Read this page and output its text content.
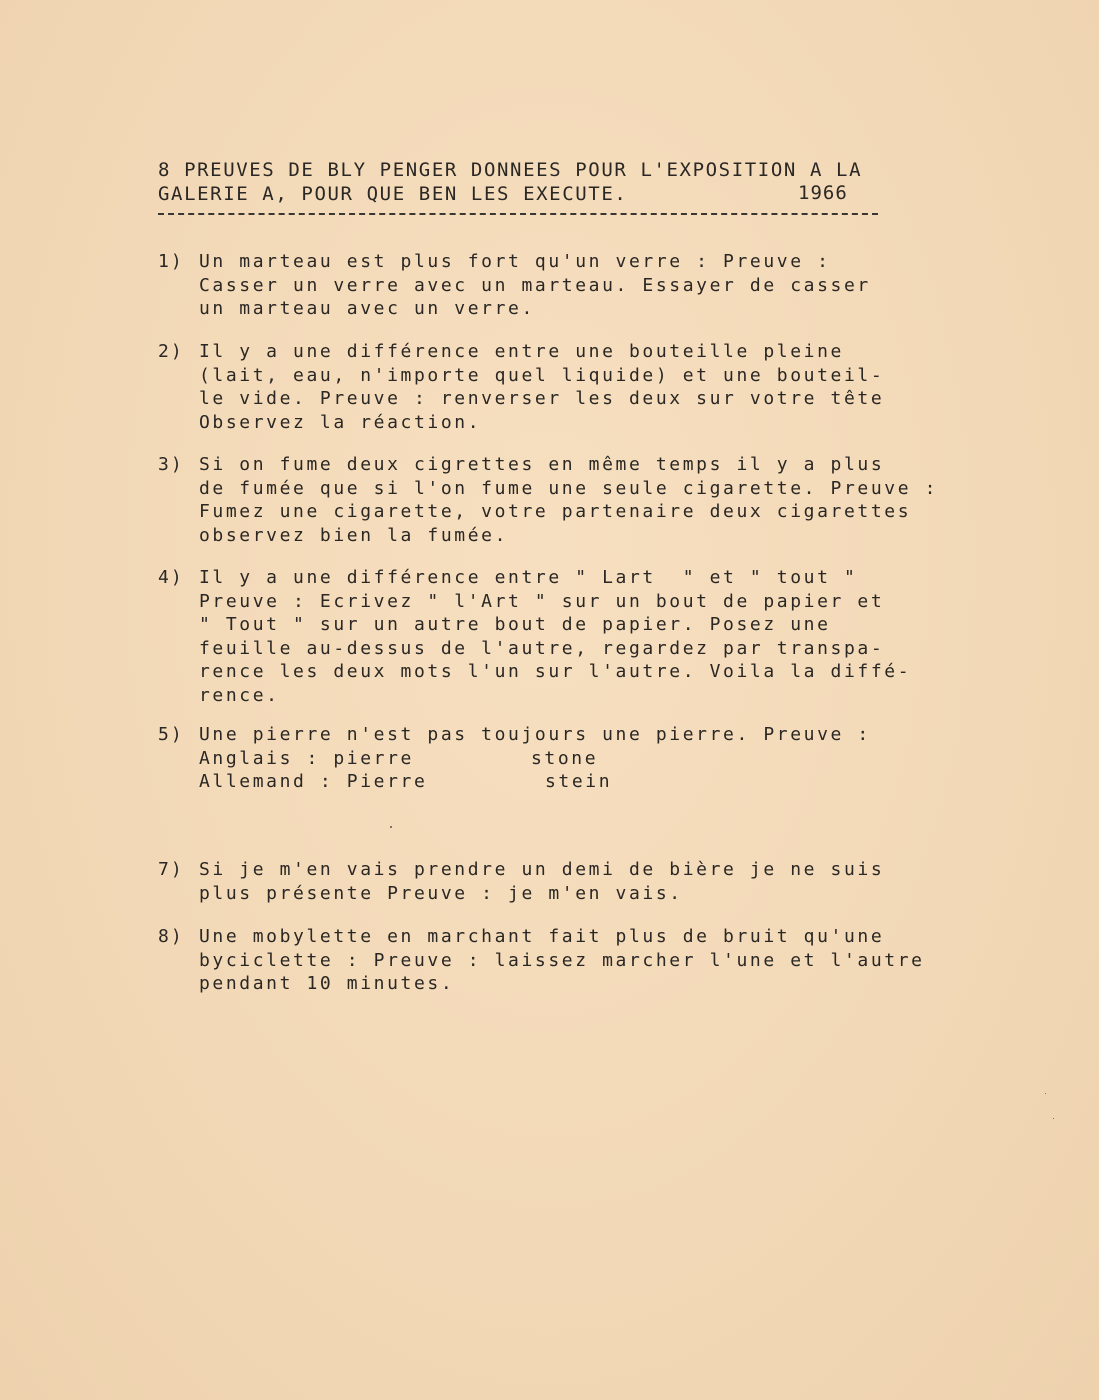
8 PREUVES DE BLY PENGER DONNEES POUR L'EXPOSITION A LA
GALERIE A, POUR QUE BEN LES EXECUTE.	1966
1) Un marteau est plus fort qu'un verre : Preuve :
Casser un verre avec un marteau. Essayer de casser
un marteau avec un verre.
2) Il y a une différence entre une bouteille pleine
(lait, eau, n'importe quel liquide) et une bouteil-
le vide. Preuve : renverser les deux sur votre tête
Observez la réaction.
3) Si on fume deux cigrettes en même temps il y a plus
de fumée que si l'on fume une seule cigarette. Preuve :
Fumez une cigarette, votre partenaire deux cigarettes
observez bien la fumée.
4) Il y a une différence entre " Lart  " et " tout "
Preuve : Ecrivez " l'Art " sur un bout de papier et
" Tout " sur un autre bout de papier. Posez une
feuille au-dessus de l'autre, regardez par transpa-
rence les deux mots l'un sur l'autre. Voila la diffé-
rence.
5) Une pierre n'est pas toujours une pierre. Preuve :
Anglais : pierre	stone
Allemand : Pierre	stein
7) Si je m'en vais prendre un demi de bière je ne suis
plus présente Preuve : je m'en vais.
8) Une mobylette en marchant fait plus de bruit qu'une
byciclette : Preuve : laissez marcher l'une et l'autre
pendant 10 minutes.
